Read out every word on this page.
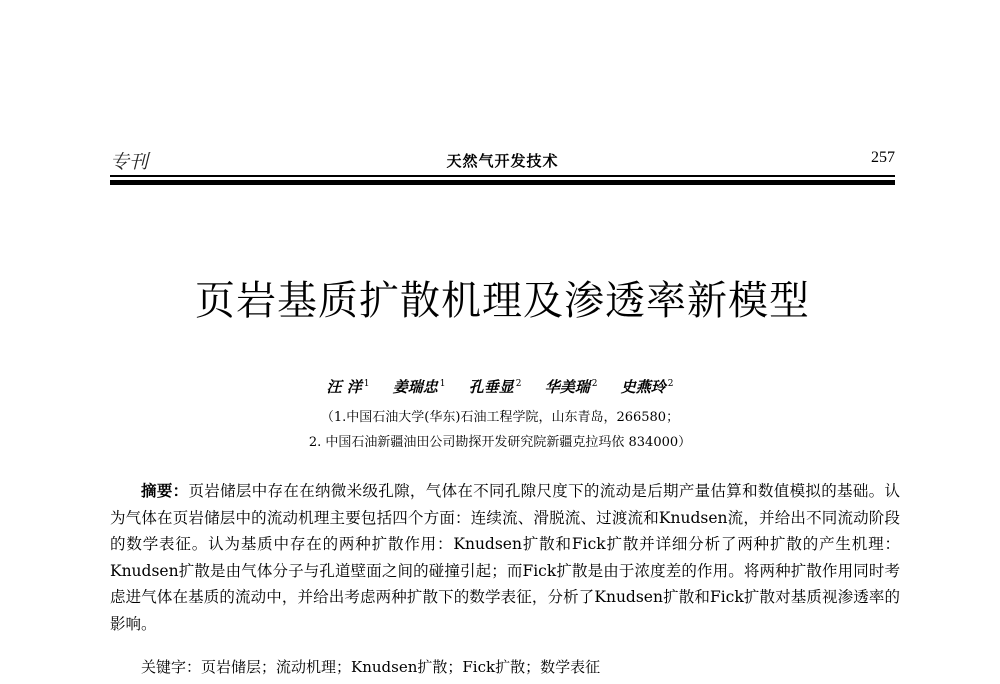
专刊	天然气开发技术	257
页岩基质扩散机理及渗透率新模型
汪 洋 $^1$ 姜瑞忠 $^1$ 孔垂显 $^2$ 华美瑞 $^2$ 史燕玲 $^2$
（1.中国石油大学(华东)石油工程学院，山东青岛，266580；
2. 中国石油新疆油田公司勘探开发研究院新疆克拉玛依 834000）

摘要：页岩储层中存在在纳微米级孔隙，气体在不同孔隙尺度下的流动是后期产量估算和数值模拟的基础。认为气体在页岩储层中的流动机理主要包括四个方面：连续流、滑脱流、过渡流和Knudsen流，并给出不同流动阶段的数学表征。认为基质中存在的两种扩散作用：Knudsen扩散和Fick扩散并详细分析了两种扩散的产生机理：Knudsen扩散是由气体分子与孔道壁面之间的碰撞引起；而Fick扩散是由于浓度差的作用。将两种扩散作用同时考虑进气体在基质的流动中，并给出考虑两种扩散下的数学表征，分析了Knudsen扩散和Fick扩散对基质视渗透率的影响。

关键字：页岩储层；流动机理；Knudsen扩散；Fick扩散；数学表征
